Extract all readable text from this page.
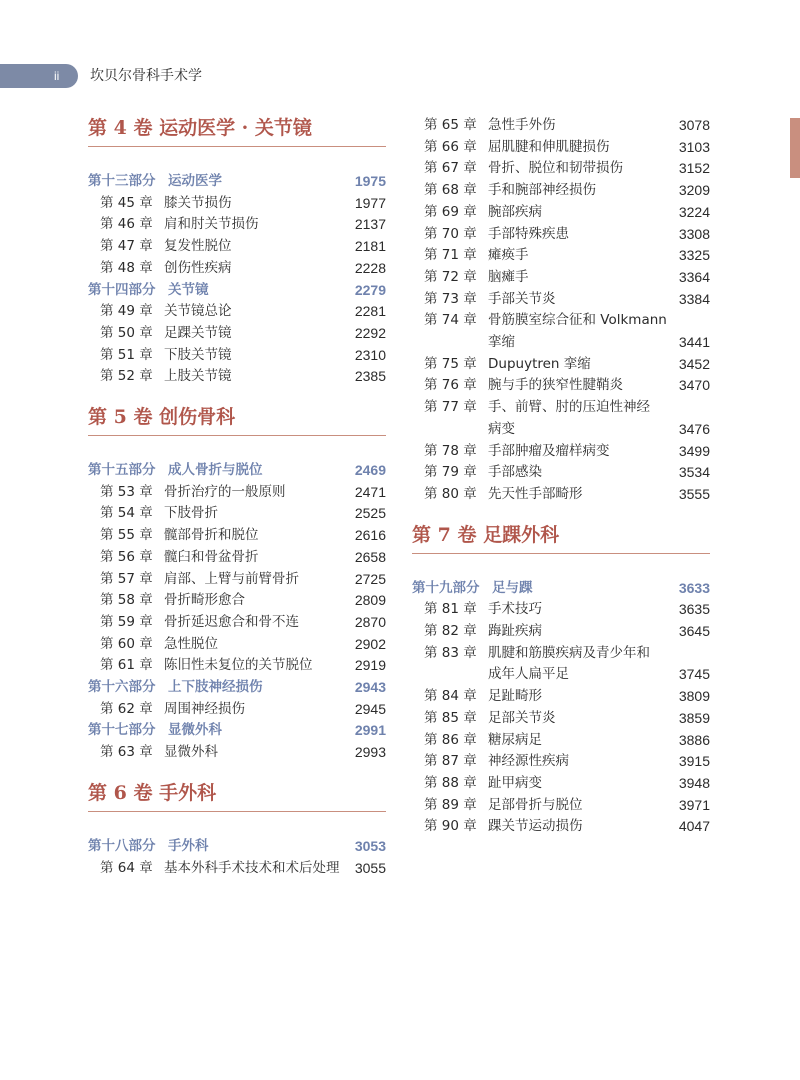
ii 坎贝尔骨科手术学
第 4 卷 运动医学 · 关节镜
第十三部分 运动医学	1975
第 45 章 膝关节损伤	1977
第 46 章 肩和肘关节损伤	2137
第 47 章 复发性脱位	2181
第 48 章 创伤性疾病	2228
第十四部分 关节镜	2279
第 49 章 关节镜总论	2281
第 50 章 足踝关节镜	2292
第 51 章 下肢关节镜	2310
第 52 章 上肢关节镜	2385
第 5 卷 创伤骨科
第十五部分 成人骨折与脱位	2469
第 53 章 骨折治疗的一般原则	2471
第 54 章 下肢骨折	2525
第 55 章 髋部骨折和脱位	2616
第 56 章 髋臼和骨盆骨折	2658
第 57 章 肩部、上臂与前臂骨折	2725
第 58 章 骨折畸形愈合	2809
第 59 章 骨折延迟愈合和骨不连	2870
第 60 章 急性脱位	2902
第 61 章 陈旧性未复位的关节脱位	2919
第十六部分 上下肢神经损伤	2943
第 62 章 周围神经损伤	2945
第十七部分 显微外科	2991
第 63 章 显微外科	2993
第 6 卷 手外科
第十八部分 手外科	3053
第 64 章 基本外科手术技术和术后处理 3055
第 65 章 急性手外伤	3078
第 66 章 屈肌腱和伸肌腱损伤	3103
第 67 章 骨折、脱位和韧带损伤	3152
第 68 章 手和腕部神经损伤	3209
第 69 章 腕部疾病	3224
第 70 章 手部特殊疾患	3308
第 71 章 瘫痪手	3325
第 72 章 脑瘫手	3364
第 73 章 手部关节炎	3384
第 74 章 骨筋膜室综合征和 Volkmann
挛缩	3441
第 75 章 Dupuytren 挛缩	3452
第 76 章 腕与手的狭窄性腱鞘炎	3470
第 77 章 手、前臂、肘的压迫性神经
病变	3476
第 78 章 手部肿瘤及瘤样病变	3499
第 79 章 手部感染	3534
第 80 章 先天性手部畸形	3555
第 7 卷 足踝外科
第十九部分 足与踝	3633
第 81 章 手术技巧	3635
第 82 章 踇趾疾病	3645
第 83 章 肌腱和筋膜疾病及青少年和
成年人扁平足	3745
第 84 章 足趾畸形	3809
第 85 章 足部关节炎	3859
第 86 章 糖尿病足	3886
第 87 章 神经源性疾病	3915
第 88 章 趾甲病变	3948
第 89 章 足部骨折与脱位	3971
第 90 章 踝关节运动损伤	4047
